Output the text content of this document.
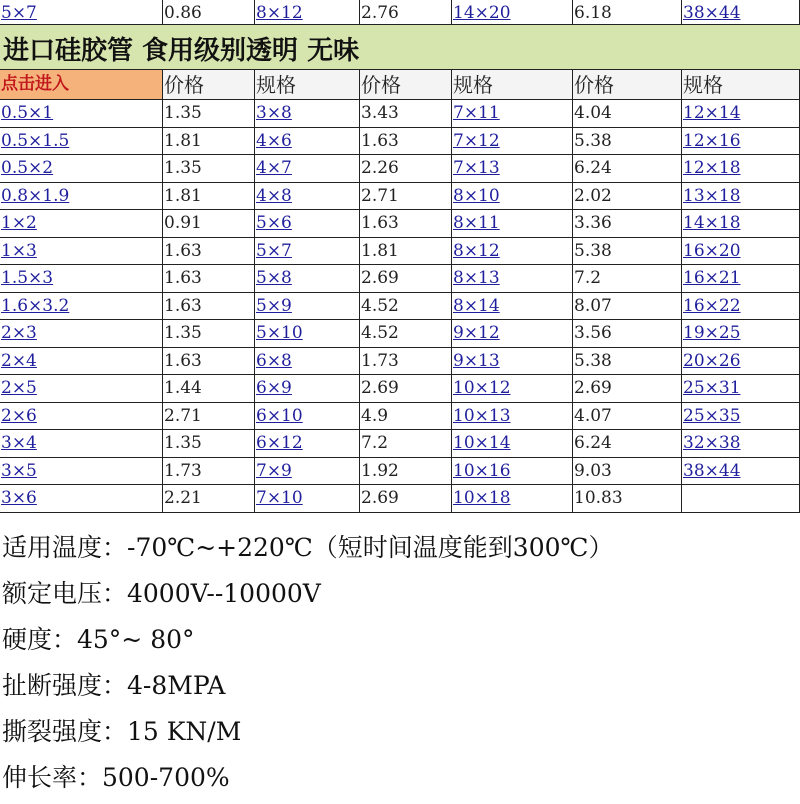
5×7	0.86	8×12	2.76	14×20	6.18	38×44
进口硅胶管 食用级别透明 无味
点击进入	价格	规格	价格	规格	价格	规格
0.5×1	1.35	3×8	3.43	7×11	4.04	12×14
0.5×1.5	1.81	4×6	1.63	7×12	5.38	12×16
0.5×2	1.35	4×7	2.26	7×13	6.24	12×18
0.8×1.9	1.81	4×8	2.71	8×10	2.02	13×18
1×2	0.91	5×6	1.63	8×11	3.36	14×18
1×3	1.63	5×7	1.81	8×12	5.38	16×20
1.5×3	1.63	5×8	2.69	8×13	7.2	16×21
1.6×3.2	1.63	5×9	4.52	8×14	8.07	16×22
2×3	1.35	5×10	4.52	9×12	3.56	19×25
2×4	1.63	6×8	1.73	9×13	5.38	20×26
2×5	1.44	6×9	2.69	10×12	2.69	25×31
2×6	2.71	6×10	4.9	10×13	4.07	25×35
3×4	1.35	6×12	7.2	10×14	6.24	32×38
3×5	1.73	7×9	1.92	10×16	9.03	38×44
3×6	2.21	7×10	2.69	10×18	10.83
适用温度：-70℃~+220℃（短时间温度能到300℃）
额定电压：4000V--10000V
硬度：45°~ 80°
扯断强度：4-8MPA
撕裂强度：15 KN/M
伸长率：500-700%
